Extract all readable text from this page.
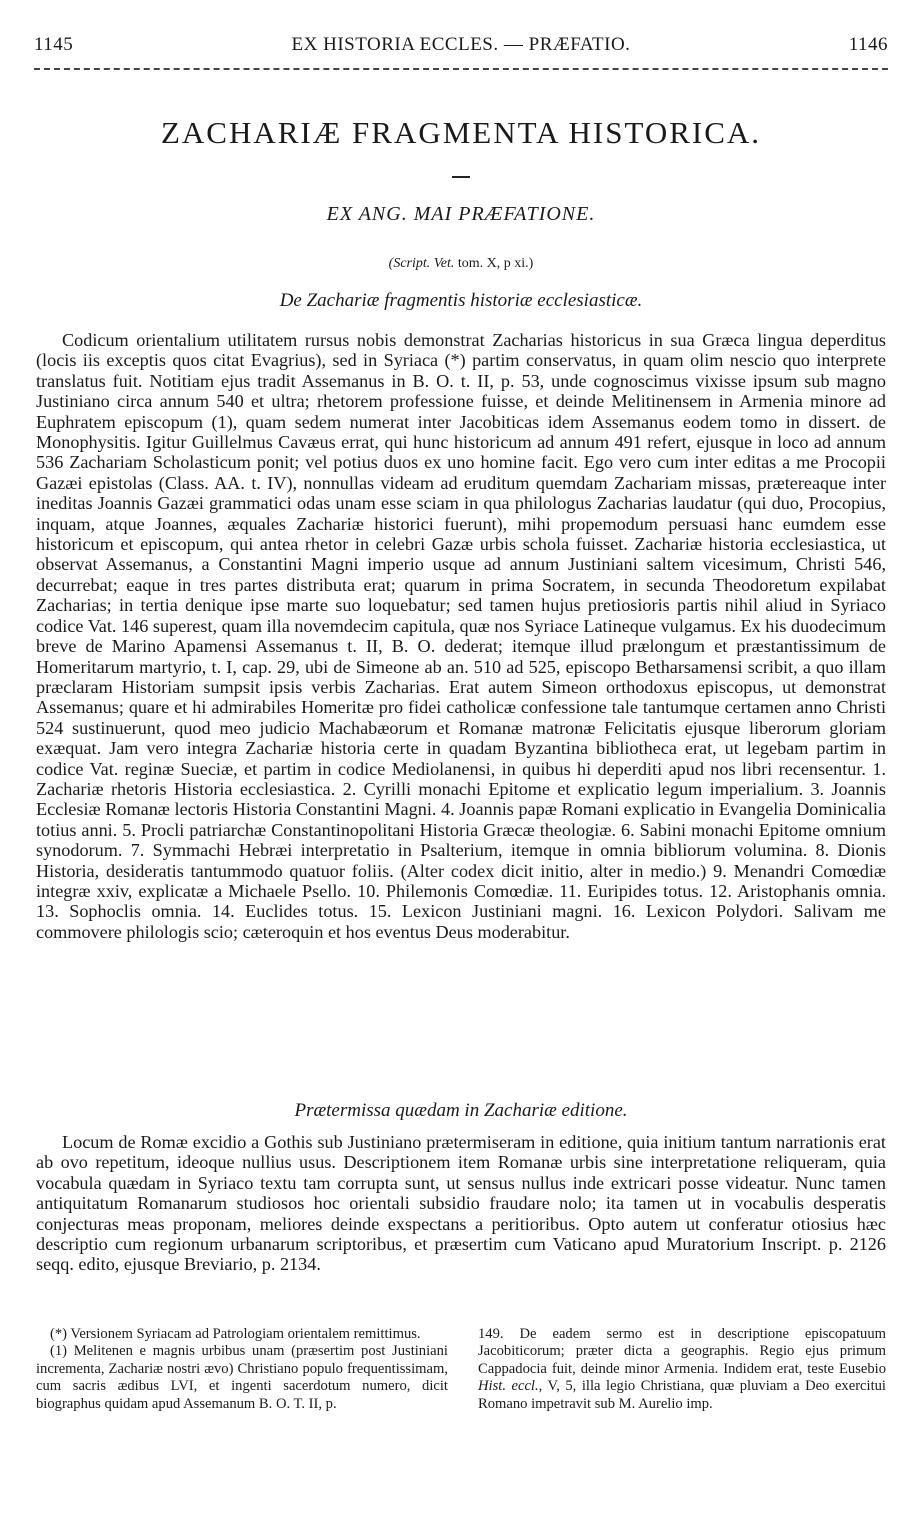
1145	EX HISTORIA ECCLES. — PRÆFATIO.	1146
ZACHARIÆ FRAGMENTA HISTORICA.
EX ANG. MAI PRÆFATIONE.
(Script. Vet. tom. X, p xi.)
De Zachariæ fragmentis historiæ ecclesiasticæ.

Codicum orientalium utilitatem rursus nobis demonstrat Zacharias historicus in sua Græca lingua deperditus (locis iis exceptis quos citat Evagrius), sed in Syriaca (*) partim conservatus, in quam olim nescio quo interprete translatus fuit. Notitiam ejus tradit Assemanus in B. O. t. II, p. 53, unde cognoscimus vixisse ipsum sub magno Justiniano circa annum 540 et ultra; rhetorem professione fuisse, et deinde Melitinensem in Armenia minore ad Euphratem episcopum (1), quam sedem numerat inter Jacobiticas idem Assemanus eodem tomo in dissert. de Monophysitis. Igitur Guillelmus Cavæus errat, qui hunc historicum ad annum 491 refert, ejusque in loco ad annum 536 Zachariam Scholasticum ponit; vel potius duos ex uno homine facit. Ego vero cum inter editas a me Procopii Gazæi epistolas (Class. AA. t. IV), nonnullas videam ad eruditum quemdam Zachariam missas, prætereaque inter ineditas Joannis Gazæi grammatici odas unam esse sciam in qua philologus Zacharias laudatur (qui duo, Procopius, inquam, atque Joannes, æquales Zachariæ historici fuerunt), mihi propemodum persuasi hanc eumdem esse historicum et episcopum, qui antea rhetor in celebri Gazæ urbis schola fuisset. Zachariæ historia ecclesiastica, ut observat Assemanus, a Constantini Magni imperio usque ad annum Justiniani saltem vicesimum, Christi 546, decurrebat; eaque in tres partes distributa erat; quarum in prima Socratem, in secunda Theodoretum expilabat Zacharias; in tertia denique ipse marte suo loquebatur; sed tamen hujus pretiosioris partis nihil aliud in Syriaco codice Vat. 146 superest, quam illa novemdecim capitula, quæ nos Syriace Latineque vulgamus. Ex his duodecimum breve de Marino Apamensi Assemanus t. II, B. O. dederat; itemque illud prælongum et præstantissimum de Homeritarum martyrio, t. I, cap. 29, ubi de Simeone ab an. 510 ad 525, episcopo Betharsamensi scribit, a quo illam præclaram Historiam sumpsit ipsis verbis Zacharias. Erat autem Simeon orthodoxus episcopus, ut demonstrat Assemanus; quare et hi admirabiles Homeritæ pro fidei catholicæ confessione tale tantumque certamen anno Christi 524 sustinuerunt, quod meo judicio Machabæorum et Romanæ matronæ Felicitatis ejusque liberorum gloriam exæquat. Jam vero integra Zachariæ historia certe in quadam Byzantina bibliotheca erat, ut legebam partim in codice Vat. reginæ Sueciæ, et partim in codice Mediolanensi, in quibus hi deperditi apud nos libri recensentur. 1. Zachariæ rhetoris Historia ecclesiastica. 2. Cyrilli monachi Epitome et explicatio legum imperialium. 3. Joannis Ecclesiæ Romanæ lectoris Historia Constantini Magni. 4. Joannis papæ Romani explicatio in Evangelia Dominicalia totius anni. 5. Procli patriarchæ Constantinopolitani Historia Græcæ theologiæ. 6. Sabini monachi Epitome omnium synodorum. 7. Symmachi Hebræi interpretatio in Psalterium, itemque in omnia bibliorum volumina. 8. Dionis Historia, desideratis tantummodo quatuor foliis. (Alter codex dicit initio, alter in medio.) 9. Menandri Comœdiæ integræ xxiv, explicatæ a Michaele Psello. 10. Philemonis Comœdiæ. 11. Euripides totus. 12. Aristophanis omnia. 13. Sophoclis omnia. 14. Euclides totus. 15. Lexicon Justiniani magni. 16. Lexicon Polydori. Salivam me commovere philologis scio; cæteroquin et hos eventus Deus moderabitur.

Prætermissa quædam in Zachariæ editione.

Locum de Romæ excidio a Gothis sub Justiniano prætermiseram in editione, quia initium tantum narrationis erat ab ovo repetitum, ideoque nullius usus. Descriptionem item Romanæ urbis sine interpretatione reliqueram, quia vocabula quædam in Syriaco textu tam corrupta sunt, ut sensus nullus inde extricari posse videatur. Nunc tamen antiquitatum Romanarum studiosos hoc orientali subsidio fraudare nolo; ita tamen ut in vocabulis desperatis conjecturas meas proponam, meliores deinde exspectans a peritioribus. Opto autem ut conferatur otiosius hæc descriptio cum regionum urbanarum scriptoribus, et præsertim cum Vaticano apud Muratorium Inscript. p. 2126 seqq. edito, ejusque Breviario, p. 2134.

(*) Versionem Syriacam ad Patrologiam orientalem remittimus.

(1) Melitenen e magnis urbibus unam (præsertim post Justiniani incrementa, Zachariæ nostri ævo) Christiano populo frequentissimam, cum sacris ædibus LVI, et ingenti sacerdotum numero, dicit biographus quidam apud Assemanum B. O. T. II, p.

149. De eadem sermo est in descriptione episcopatuum Jacobiticorum; præter dicta a geographis. Regio ejus primum Cappadocia fuit, deinde minor Armenia. Indidem erat, teste Eusebio Hist. eccl., V, 5, illa legio Christiana, quæ pluviam a Deo exercitui Romano impetravit sub M. Aurelio imp.
